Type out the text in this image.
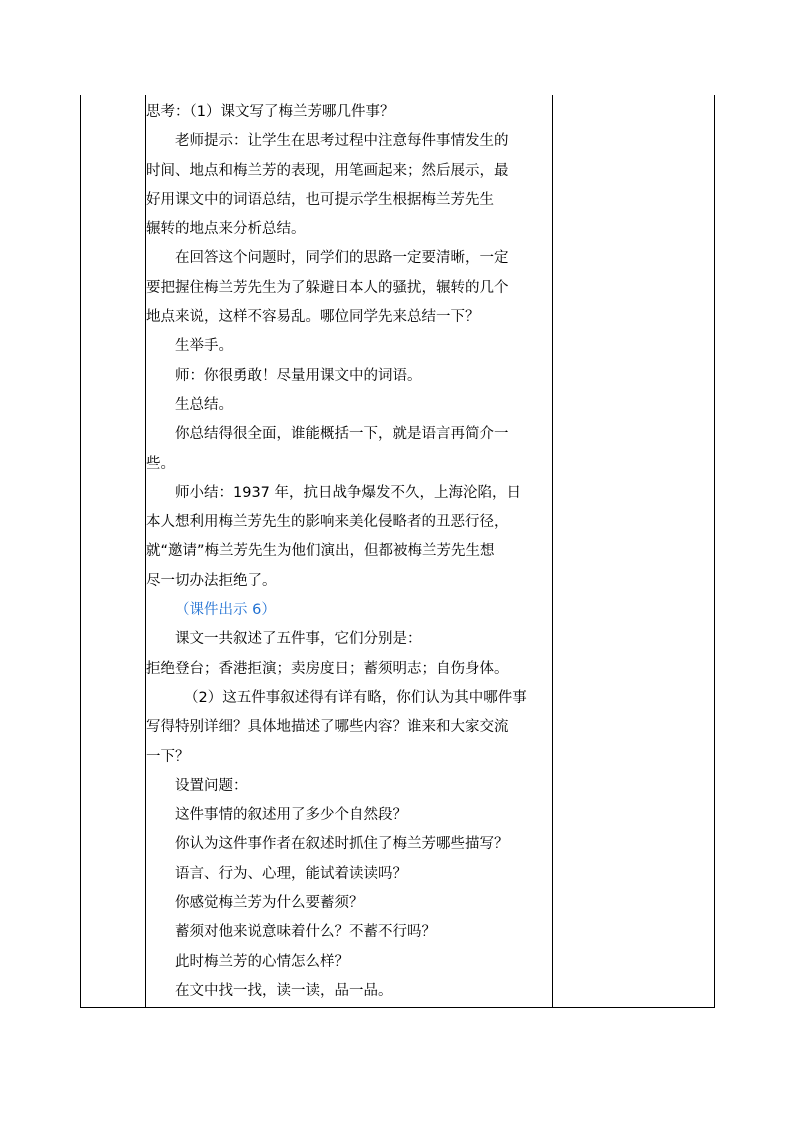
思考：（1）课文写了梅兰芳哪几件事？
老师提示：让学生在思考过程中注意每件事情发生的
时间、地点和梅兰芳的表现，用笔画起来；然后展示，最
好用课文中的词语总结，也可提示学生根据梅兰芳先生
辗转的地点来分析总结。
在回答这个问题时，同学们的思路一定要清晰，一定
要把握住梅兰芳先生为了躲避日本人的骚扰，辗转的几个
地点来说，这样不容易乱。哪位同学先来总结一下？
生举手。
师：你很勇敢！尽量用课文中的词语。
生总结。
你总结得很全面，谁能概括一下，就是语言再简介一
些。
师小结：1937 年，抗日战争爆发不久，上海沦陷，日
本人想利用梅兰芳先生的影响来美化侵略者的丑恶行径，
就“邀请”梅兰芳先生为他们演出，但都被梅兰芳先生想
尽一切办法拒绝了。
（课件出示 6）
课文一共叙述了五件事，它们分别是：
拒绝登台；香港拒演；卖房度日；蓄须明志；自伤身体。
（2）这五件事叙述得有详有略，你们认为其中哪件事
写得特别详细？具体地描述了哪些内容？谁来和大家交流
一下？
设置问题：
这件事情的叙述用了多少个自然段？
你认为这件事作者在叙述时抓住了梅兰芳哪些描写？
语言、行为、心理，能试着读读吗？
你感觉梅兰芳为什么要蓄须？
蓄须对他来说意味着什么？不蓄不行吗？
此时梅兰芳的心情怎么样？
在文中找一找，读一读，品一品。
